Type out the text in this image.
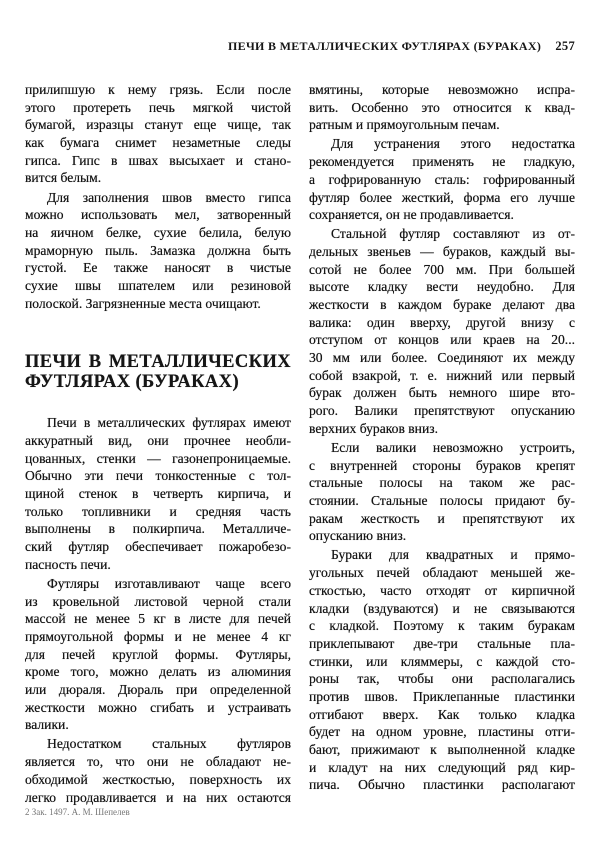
ПЕЧИ В МЕТАЛЛИЧЕСКИХ ФУТЛЯРАХ (БУРАКАХ) 257
прилипшую к нему грязь. Если после
этого протереть печь мягкой чистой
бумагой, изразцы станут еще чище, так
как бумага снимет незаметные следы
гипса. Гипс в швах высыхает и стано-
вится белым.
Для заполнения швов вместо гипса
можно использовать мел, затворенный
на яичном белке, сухие белила, белую
мраморную пыль. Замазка должна быть
густой. Ее также наносят в чистые
сухие швы шпателем или резиновой
полоской. Загрязненные места очищают.
ПЕЧИ В МЕТАЛЛИЧЕСКИХ
ФУТЛЯРАХ (БУРАКАХ)
Печи в металлических футлярах имеют
аккуратный вид, они прочнее необли-
цованных, стенки — газонепроницаемые.
Обычно эти печи тонкостенные с тол-
щиной стенок в четверть кирпича, и
только топливники и средняя часть
выполнены в полкирпича. Металличе-
ский футляр обеспечивает пожаробезо-
пасность печи.
Футляры изготавливают чаще всего
из кровельной листовой черной стали
массой не менее 5 кг в листе для печей
прямоугольной формы и не менее 4 кг
для печей круглой формы. Футляры,
кроме того, можно делать из алюминия
или дюраля. Дюраль при определенной
жесткости можно сгибать и устраивать
валики.
Недостатком стальных футляров
является то, что они не обладают не-
обходимой жесткостью, поверхность их
легко продавливается и на них остаются
вмятины, которые невозможно испра-
вить. Особенно это относится к квад-
ратным и прямоугольным печам.
Для устранения этого недостатка
рекомендуется применять не гладкую,
а гофрированную сталь: гофрированный
футляр более жесткий, форма его лучше
сохраняется, он не продавливается.
Стальной футляр составляют из от-
дельных звеньев — бураков, каждый вы-
сотой не более 700 мм. При большей
высоте кладку вести неудобно. Для
жесткости в каждом бураке делают два
валика: один вверху, другой внизу с
отступом от концов или краев на 20...
30 мм или более. Соединяют их между
собой взакрой, т. е. нижний или первый
бурак должен быть немного шире вто-
рого. Валики препятствуют опусканию
верхних бураков вниз.
Если валики невозможно устроить,
с внутренней стороны бураков крепят
стальные полосы на таком же рас-
стоянии. Стальные полосы придают бу-
ракам жесткость и препятствуют их
опусканию вниз.
Бураки для квадратных и прямо-
угольных печей обладают меньшей же-
сткостью, часто отходят от кирпичной
кладки (вздуваются) и не связываются
с кладкой. Поэтому к таким буракам
приклепывают две-три стальные пла-
стинки, или кляммеры, с каждой сто-
роны так, чтобы они располагались
против швов. Приклепанные пластинки
отгибают вверх. Как только кладка
будет на одном уровне, пластины отги-
бают, прижимают к выполненной кладке
и кладут на них следующий ряд кир-
пича. Обычно пластинки располагают
2 Зак. 1497. А. М. Шепелев
